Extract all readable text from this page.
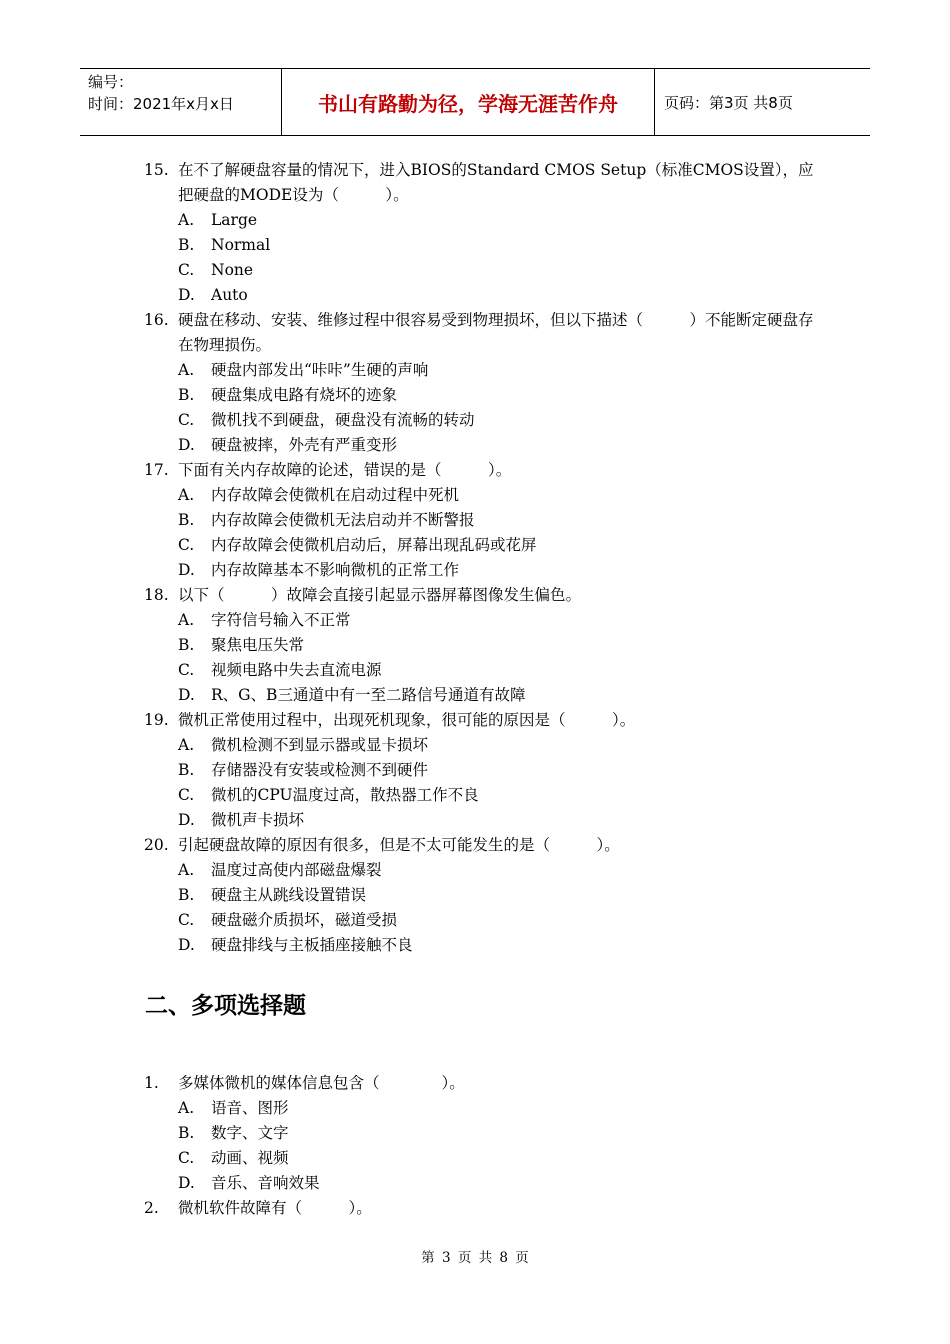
编号：
时间：2021年x月x日	书山有路勤为径，学海无涯苦作舟	页码：第3页 共8页
15. 在不了解硬盘容量的情况下，进入BIOS的Standard CMOS Setup（标准CMOS设置），应把硬盘的MODE设为（　　　）。
A. Large
B. Normal
C. None
D. Auto
16. 硬盘在移动、安装、维修过程中很容易受到物理损坏，但以下描述（　　　）不能断定硬盘存在物理损伤。
A. 硬盘内部发出“咔咔”生硬的声响
B. 硬盘集成电路有烧坏的迹象
C. 微机找不到硬盘，硬盘没有流畅的转动
D. 硬盘被摔，外壳有严重变形
17. 下面有关内存故障的论述，错误的是（　　　）。
A. 内存故障会使微机在启动过程中死机
B. 内存故障会使微机无法启动并不断警报
C. 内存故障会使微机启动后，屏幕出现乱码或花屏
D. 内存故障基本不影响微机的正常工作
18. 以下（　　　）故障会直接引起显示器屏幕图像发生偏色。
A. 字符信号输入不正常
B. 聚焦电压失常
C. 视频电路中失去直流电源
D. R、G、B三通道中有一至二路信号通道有故障
19. 微机正常使用过程中，出现死机现象，很可能的原因是（　　　）。
A. 微机检测不到显示器或显卡损坏
B. 存储器没有安装或检测不到硬件
C. 微机的CPU温度过高，散热器工作不良
D. 微机声卡损坏
20. 引起硬盘故障的原因有很多，但是不太可能发生的是（　　　）。
A. 温度过高使内部磁盘爆裂
B. 硬盘主从跳线设置错误
C. 硬盘磁介质损坏，磁道受损
D. 硬盘排线与主板插座接触不良
二、多项选择题
1. 多媒体微机的媒体信息包含（　　　　）。
A. 语音、图形
B. 数字、文字
C. 动画、视频
D. 音乐、音响效果
2. 微机软件故障有（　　　）。
第 3 页 共 8 页
